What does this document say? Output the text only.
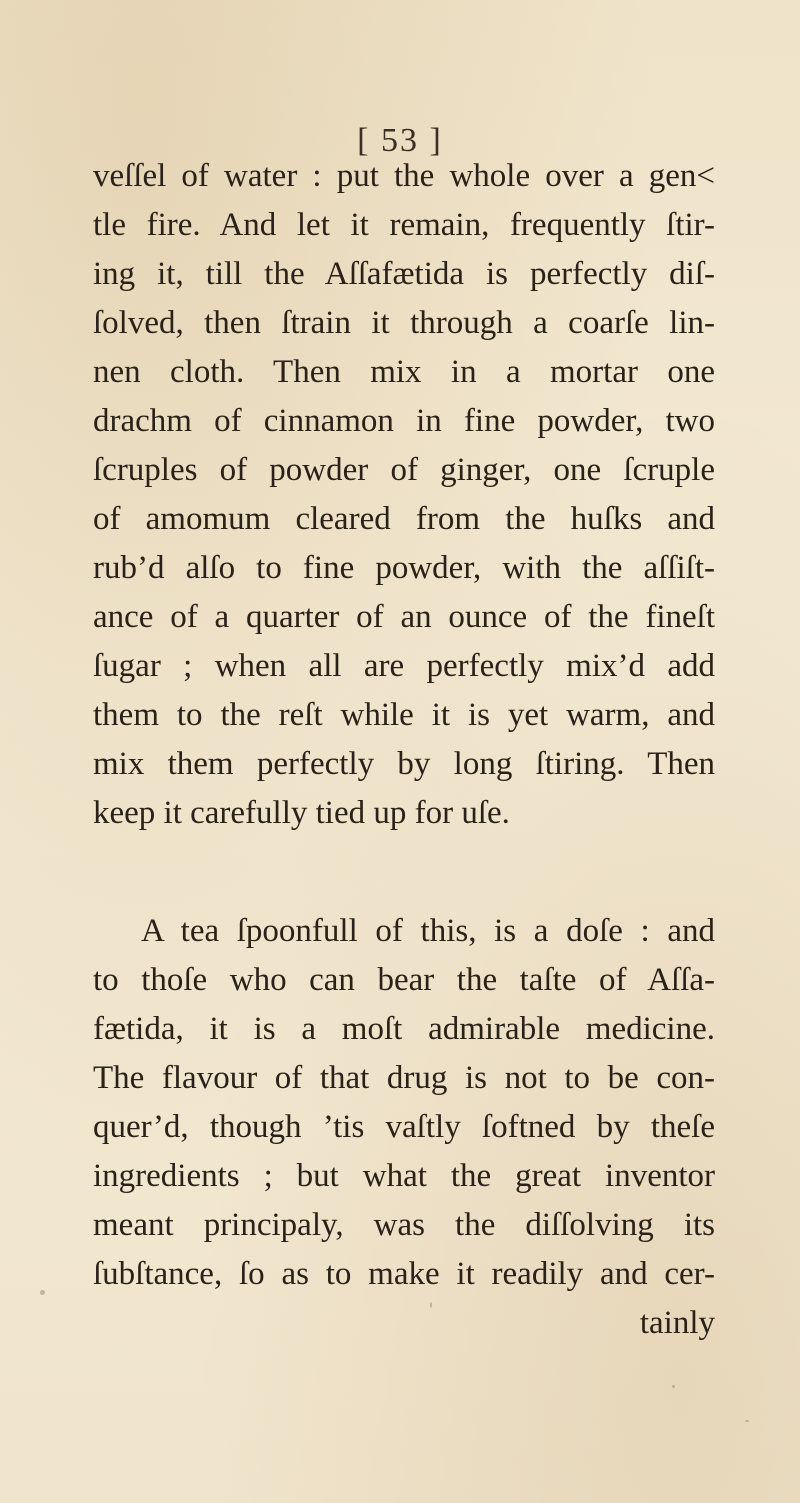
[ 53 ]
veſſel of water : put the whole over a gen<
tle fire. And let it remain, frequently ſtir-
ing it, till the Aſſafætida is perfectly diſ-
ſolved, then ſtrain it through a coarſe lin-
nen cloth. Then mix in a mortar one
drachm of cinnamon in fine powder, two
ſcruples of powder of ginger, one ſcruple
of amomum cleared from the huſks and
rub’d alſo to fine powder, with the aſſiſt-
ance of a quarter of an ounce of the fineſt
ſugar ; when all are perfectly mix’d add
them to the reſt while it is yet warm, and
mix them perfectly by long ſtiring. Then
keep it carefully tied up for uſe.
A tea ſpoonfull of this, is a doſe : and
to thoſe who can bear the taſte of Aſſa-
fætida, it is a moſt admirable medicine.
The flavour of that drug is not to be con-
quer’d, though ’tis vaſtly ſoftned by theſe
ingredients ; but what the great inventor
meant principaly, was the diſſolving its
ſubſtance, ſo as to make it readily and cer-
tainly
